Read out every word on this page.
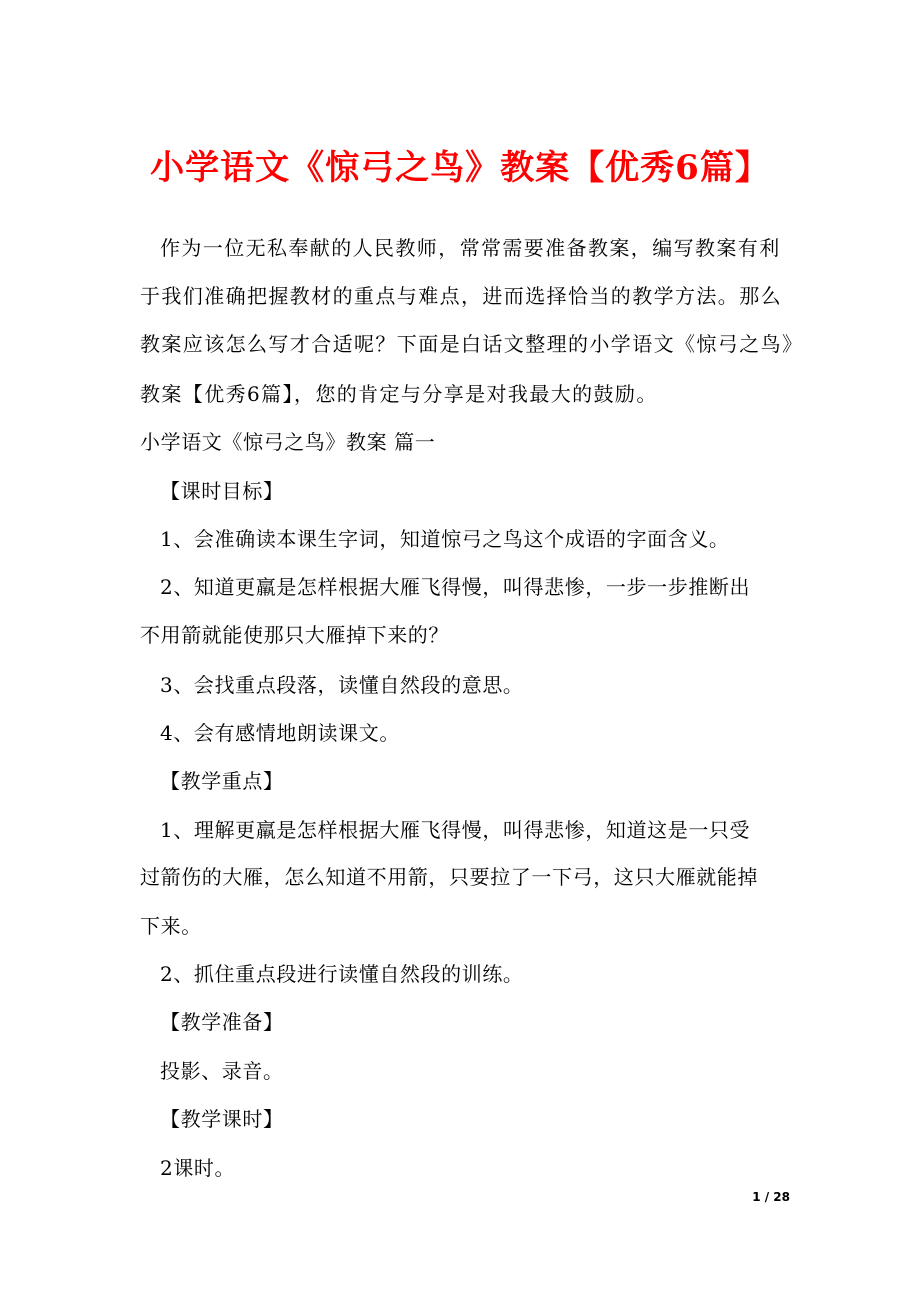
小学语文《惊弓之鸟》教案【优秀6篇】
作为一位无私奉献的人民教师，常常需要准备教案，编写教案有利
于我们准确把握教材的重点与难点，进而选择恰当的教学方法。那么
教案应该怎么写才合适呢？下面是白话文整理的小学语文《惊弓之鸟》
教案【优秀6篇】，您的肯定与分享是对我最大的鼓励。
小学语文《惊弓之鸟》教案 篇一
【课时目标】
1、会准确读本课生字词，知道惊弓之鸟这个成语的字面含义。
2、知道更羸是怎样根据大雁飞得慢，叫得悲惨，一步一步推断出
不用箭就能使那只大雁掉下来的？
3、会找重点段落，读懂自然段的意思。
4、会有感情地朗读课文。
【教学重点】
1、理解更羸是怎样根据大雁飞得慢，叫得悲惨，知道这是一只受
过箭伤的大雁，怎么知道不用箭，只要拉了一下弓，这只大雁就能掉
下来。
2、抓住重点段进行读懂自然段的训练。
【教学准备】
投影、录音。
【教学课时】
2课时。
1 / 28
